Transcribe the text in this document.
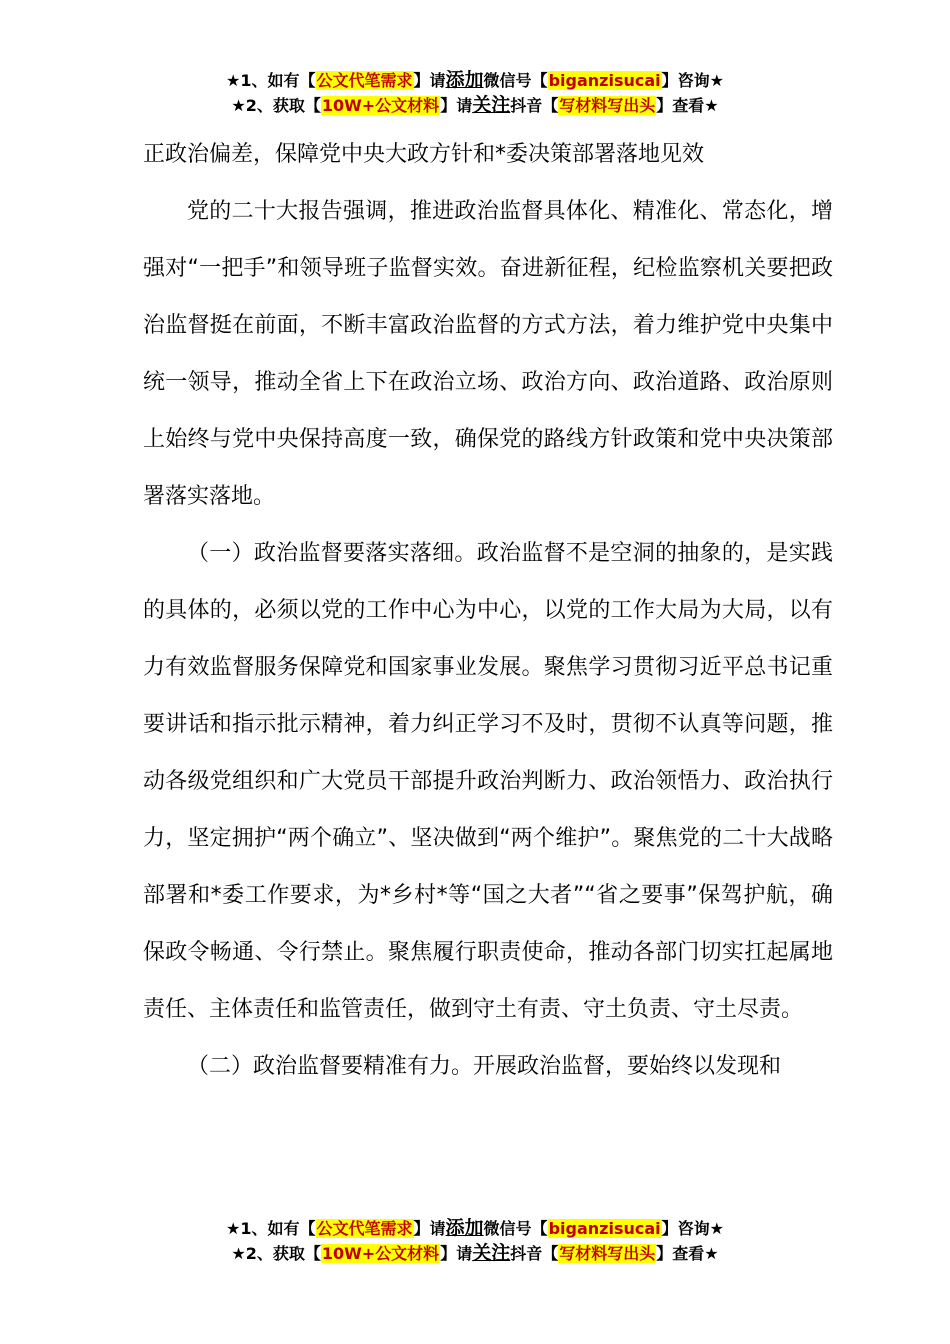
★1、如有【公文代笔需求】请添加微信号【biganzisucai】咨询★
★2、获取【10W+公文材料】请关注抖音【写材料写出头】查看★

正政治偏差，保障党中央大政方针和*委决策部署落地见效

党的二十大报告强调，推进政治监督具体化、精准化、常态化，增强对“一把手”和领导班子监督实效。奋进新征程，纪检监察机关要把政治监督挺在前面，不断丰富政治监督的方式方法，着力维护党中央集中统一领导，推动全省上下在政治立场、政治方向、政治道路、政治原则上始终与党中央保持高度一致，确保党的路线方针政策和党中央决策部署落实落地。

（一）政治监督要落实落细。政治监督不是空洞的抽象的，是实践的具体的，必须以党的工作中心为中心，以党的工作大局为大局，以有力有效监督服务保障党和国家事业发展。聚焦学习贯彻习近平总书记重要讲话和指示批示精神，着力纠正学习不及时，贯彻不认真等问题，推动各级党组织和广大党员干部提升政治判断力、政治领悟力、政治执行力，坚定拥护“两个确立”、坚决做到“两个维护”。聚焦党的二十大战略部署和*委工作要求，为*乡村*等“国之大者”“省之要事”保驾护航，确保政令畅通、令行禁止。聚焦履行职责使命，推动各部门切实扛起属地责任、主体责任和监管责任，做到守土有责、守土负责、守土尽责。

（二）政治监督要精准有力。开展政治监督，要始终以发现和

★1、如有【公文代笔需求】请添加微信号【biganzisucai】咨询★
★2、获取【10W+公文材料】请关注抖音【写材料写出头】查看★
